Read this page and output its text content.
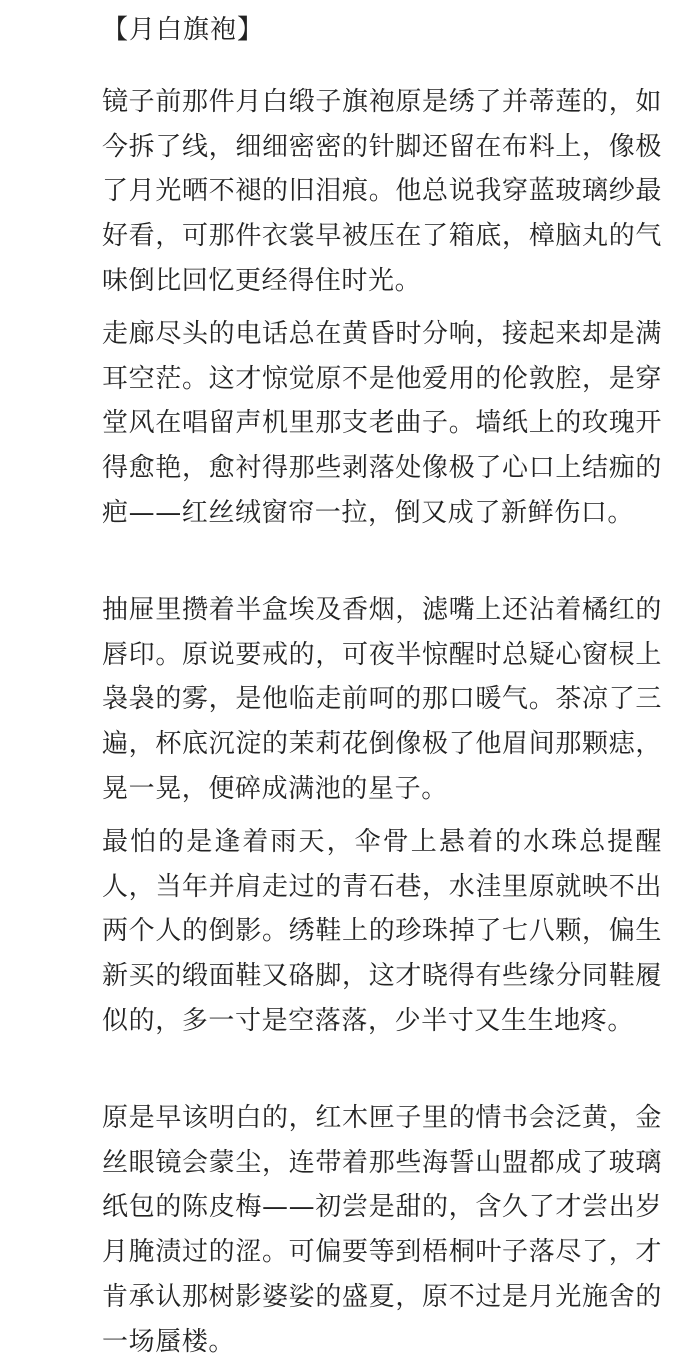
【月白旗袍】

镜子前那件月白缎子旗袍原是绣了并蒂莲的，如今拆了线，细细密密的针脚还留在布料上，像极了月光晒不褪的旧泪痕。他总说我穿蓝玻璃纱最好看，可那件衣裳早被压在了箱底，樟脑丸的气味倒比回忆更经得住时光。

走廊尽头的电话总在黄昏时分响，接起来却是满耳空茫。这才惊觉原不是他爱用的伦敦腔，是穿堂风在唱留声机里那支老曲子。墙纸上的玫瑰开得愈艳，愈衬得那些剥落处像极了心口上结痂的疤——红丝绒窗帘一拉，倒又成了新鲜伤口。

抽屉里攒着半盒埃及香烟，滤嘴上还沾着橘红的唇印。原说要戒的，可夜半惊醒时总疑心窗棂上袅袅的雾，是他临走前呵的那口暖气。茶凉了三遍，杯底沉淀的茉莉花倒像极了他眉间那颗痣，晃一晃，便碎成满池的星子。

最怕的是逢着雨天，伞骨上悬着的水珠总提醒人，当年并肩走过的青石巷，水洼里原就映不出两个人的倒影。绣鞋上的珍珠掉了七八颗，偏生新买的缎面鞋又硌脚，这才晓得有些缘分同鞋履似的，多一寸是空落落，少半寸又生生地疼。

原是早该明白的，红木匣子里的情书会泛黄，金丝眼镜会蒙尘，连带着那些海誓山盟都成了玻璃纸包的陈皮梅——初尝是甜的，含久了才尝出岁月腌渍过的涩。可偏要等到梧桐叶子落尽了，才肯承认那树影婆娑的盛夏，原不过是月光施舍的一场蜃楼。
